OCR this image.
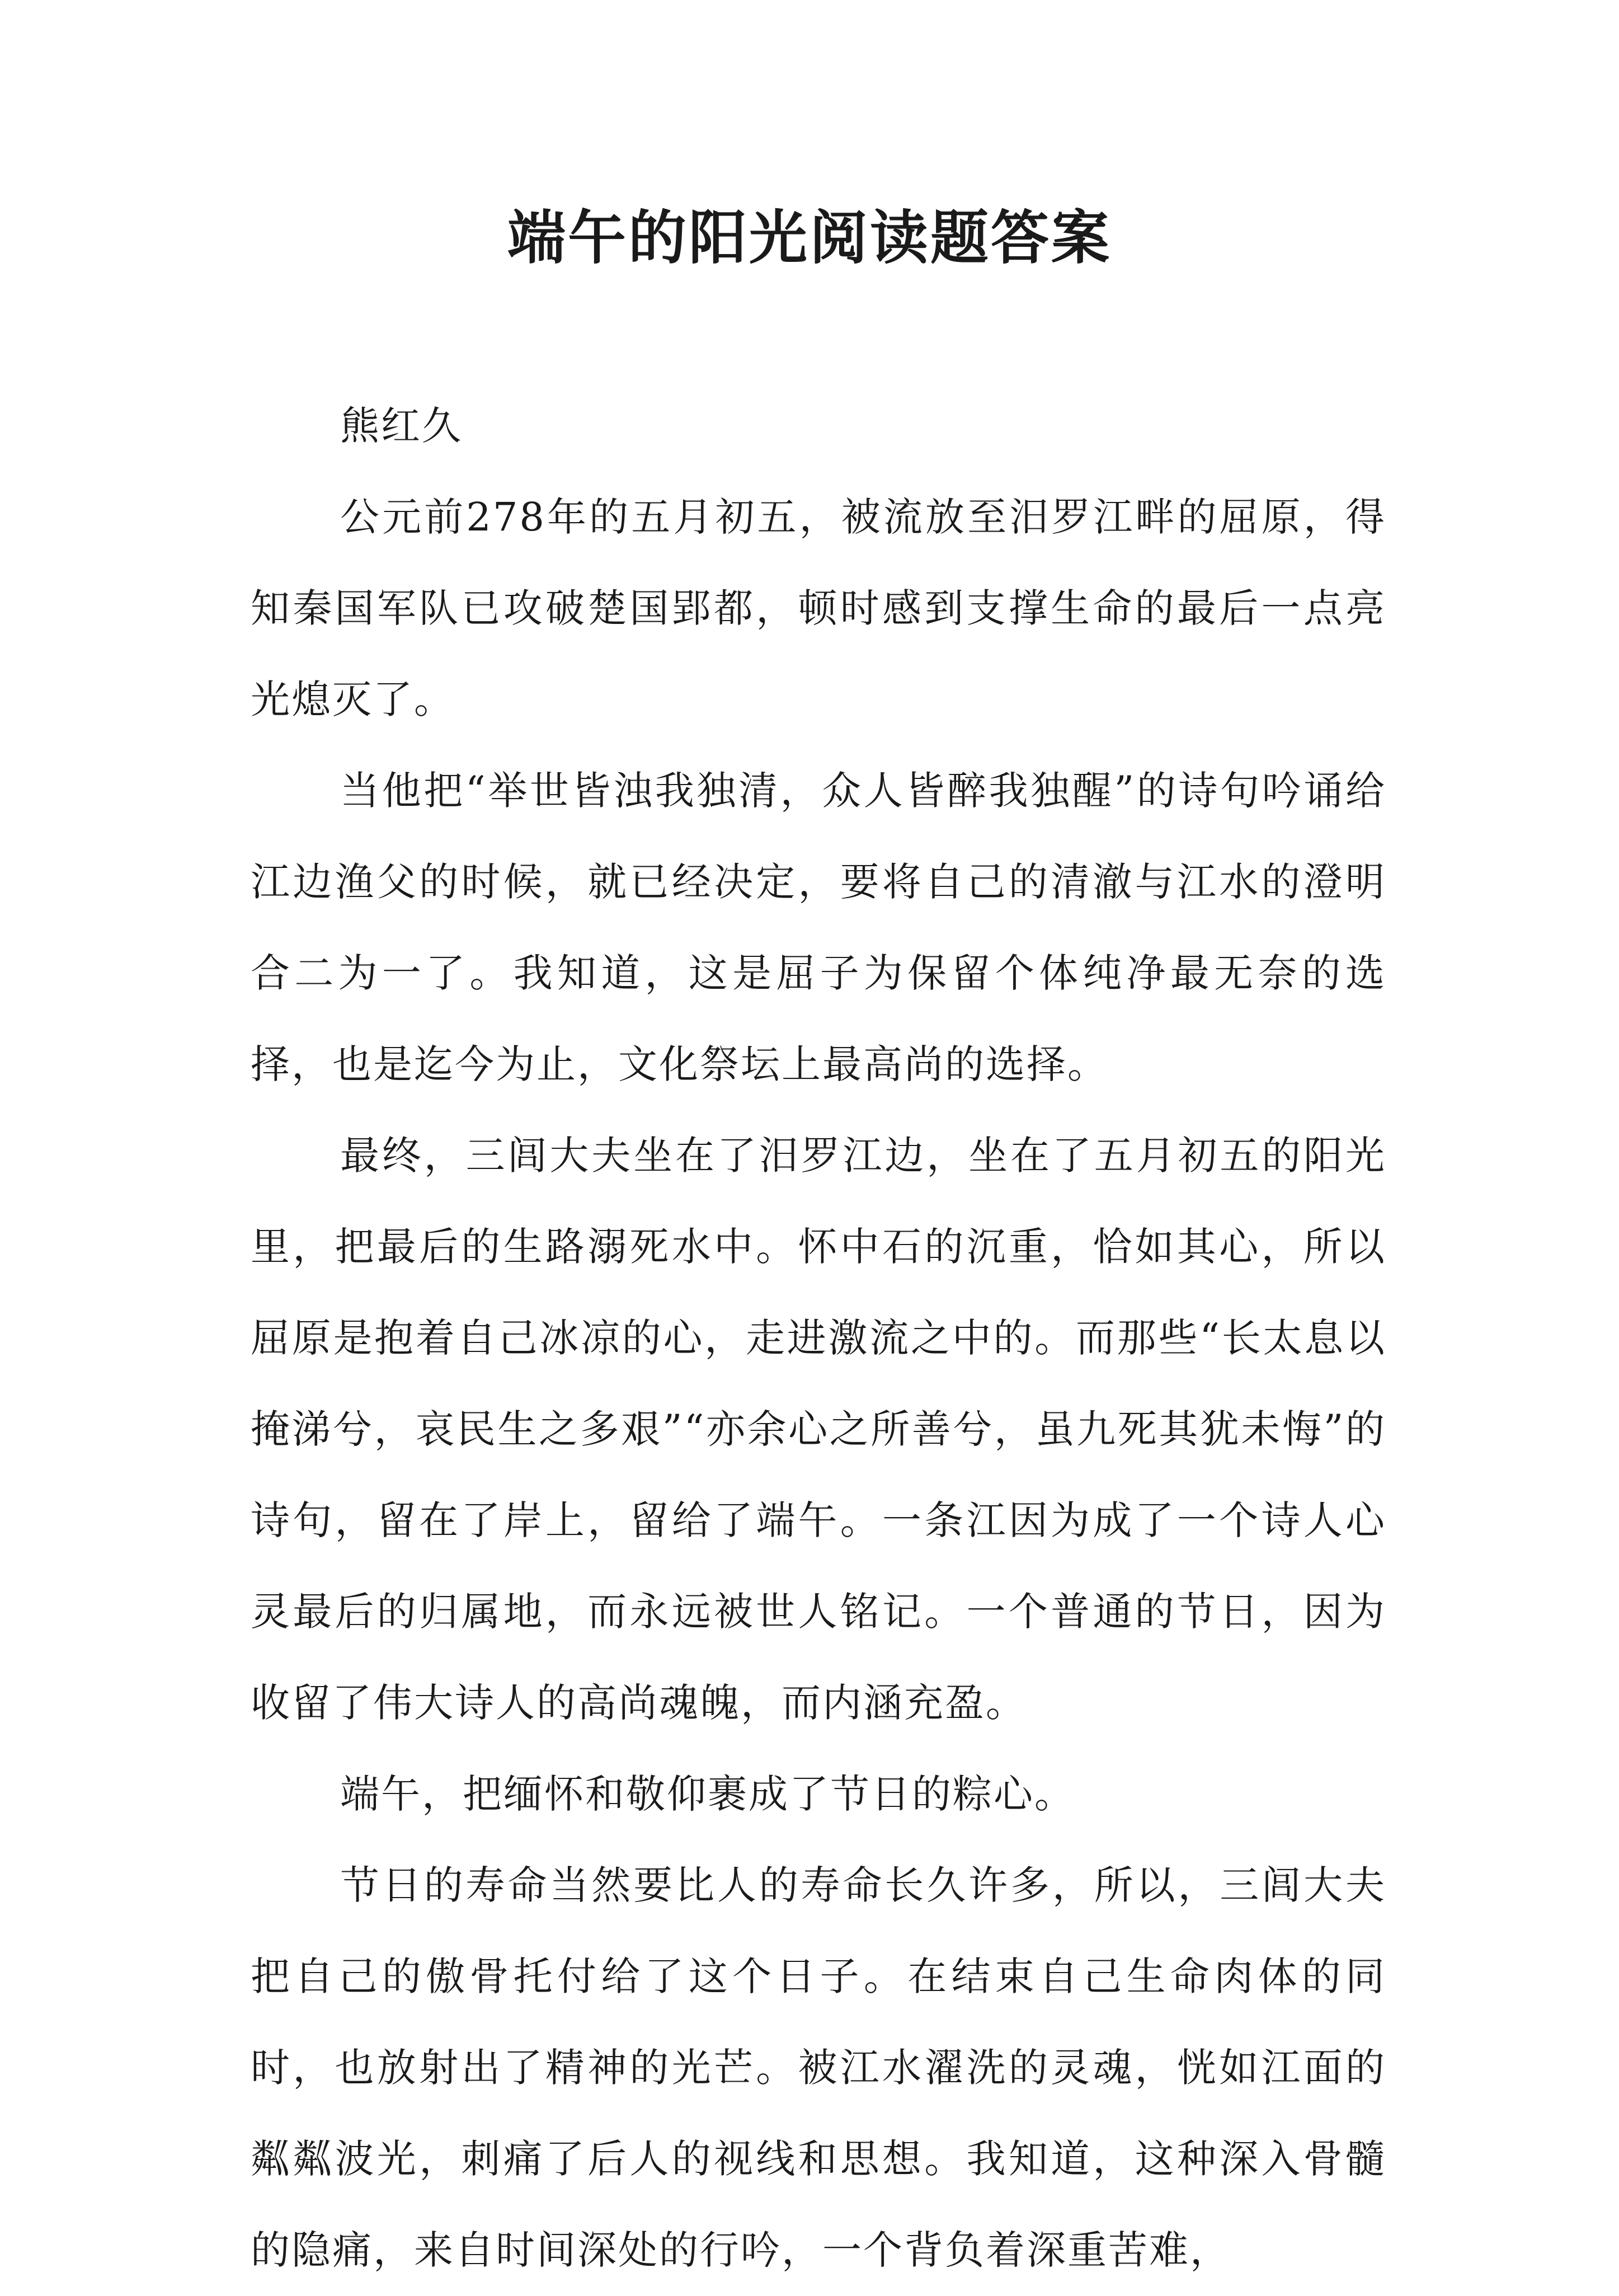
端午的阳光阅读题答案

熊红久

公元前278年的五月初五，被流放至汨罗江畔的屈原，得知秦国军队已攻破楚国郢都，顿时感到支撑生命的最后一点亮光熄灭了。

当他把“举世皆浊我独清，众人皆醉我独醒”的诗句吟诵给江边渔父的时候，就已经决定，要将自己的清澈与江水的澄明合二为一了。我知道，这是屈子为保留个体纯净最无奈的选择，也是迄今为止，文化祭坛上最高尚的选择。

最终，三闾大夫坐在了汨罗江边，坐在了五月初五的阳光里，把最后的生路溺死水中。怀中石的沉重，恰如其心，所以屈原是抱着自己冰凉的心，走进激流之中的。而那些“长太息以掩涕兮，哀民生之多艰”“亦余心之所善兮，虽九死其犹未悔”的诗句，留在了岸上，留给了端午。一条江因为成了一个诗人心灵最后的归属地，而永远被世人铭记。一个普通的节日，因为收留了伟大诗人的高尚魂魄，而内涵充盈。

端午，把缅怀和敬仰裹成了节日的粽心。

节日的寿命当然要比人的寿命长久许多，所以，三闾大夫把自己的傲骨托付给了这个日子。在结束自己生命肉体的同时，也放射出了精神的光芒。被江水濯洗的灵魂，恍如江面的粼粼波光，刺痛了后人的视线和思想。我知道，这种深入骨髓的隐痛，来自时间深处的行吟，一个背负着深重苦难，
